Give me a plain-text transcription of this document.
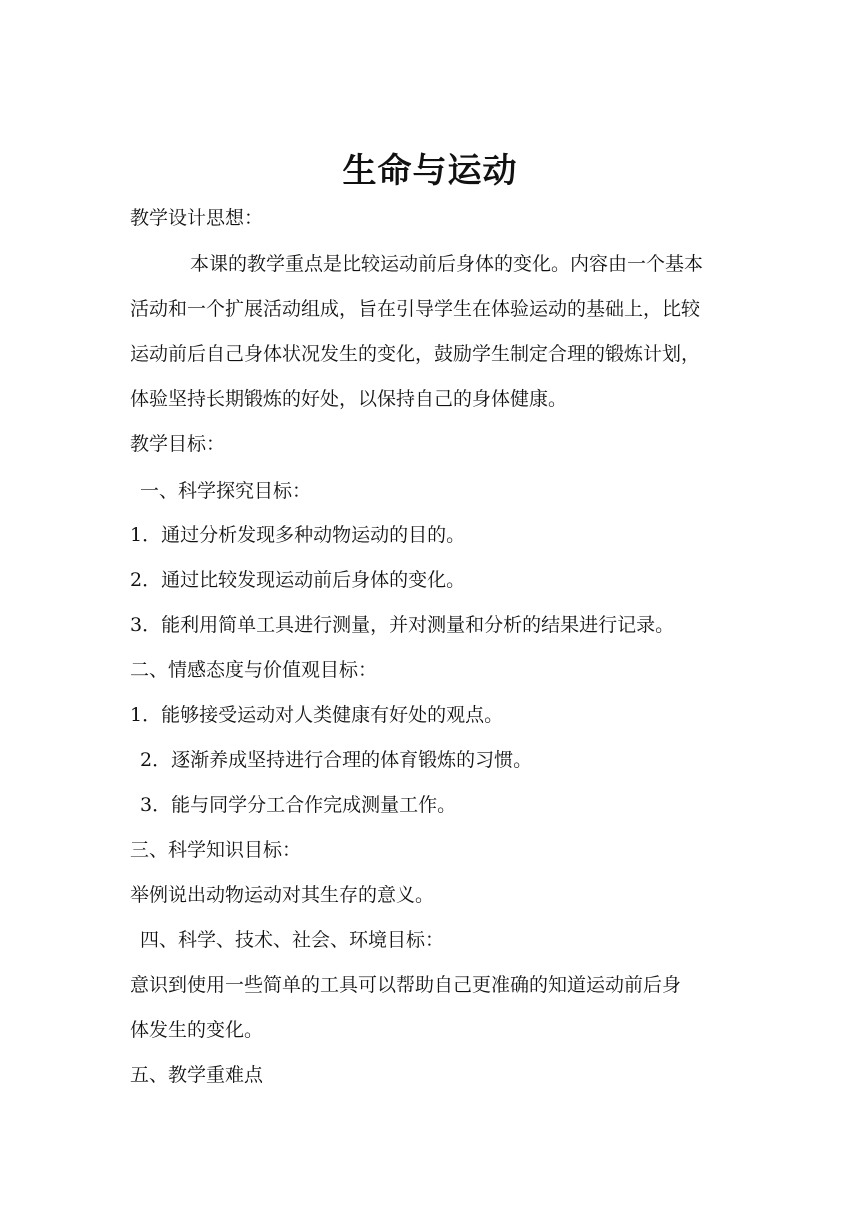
生命与运动
教学设计思想：
本课的教学重点是比较运动前后身体的变化。内容由一个基本
活动和一个扩展活动组成，旨在引导学生在体验运动的基础上，比较
运动前后自己身体状况发生的变化，鼓励学生制定合理的锻炼计划，
体验坚持长期锻炼的好处，以保持自己的身体健康。
教学目标：
一、科学探究目标：
1．通过分析发现多种动物运动的目的。
2．通过比较发现运动前后身体的变化。
3．能利用简单工具进行测量，并对测量和分析的结果进行记录。
二、情感态度与价值观目标：
1．能够接受运动对人类健康有好处的观点。
2．逐渐养成坚持进行合理的体育锻炼的习惯。
3．能与同学分工合作完成测量工作。
三、科学知识目标：
举例说出动物运动对其生存的意义。
四、科学、技术、社会、环境目标：
意识到使用一些简单的工具可以帮助自己更准确的知道运动前后身
体发生的变化。
五、教学重难点
